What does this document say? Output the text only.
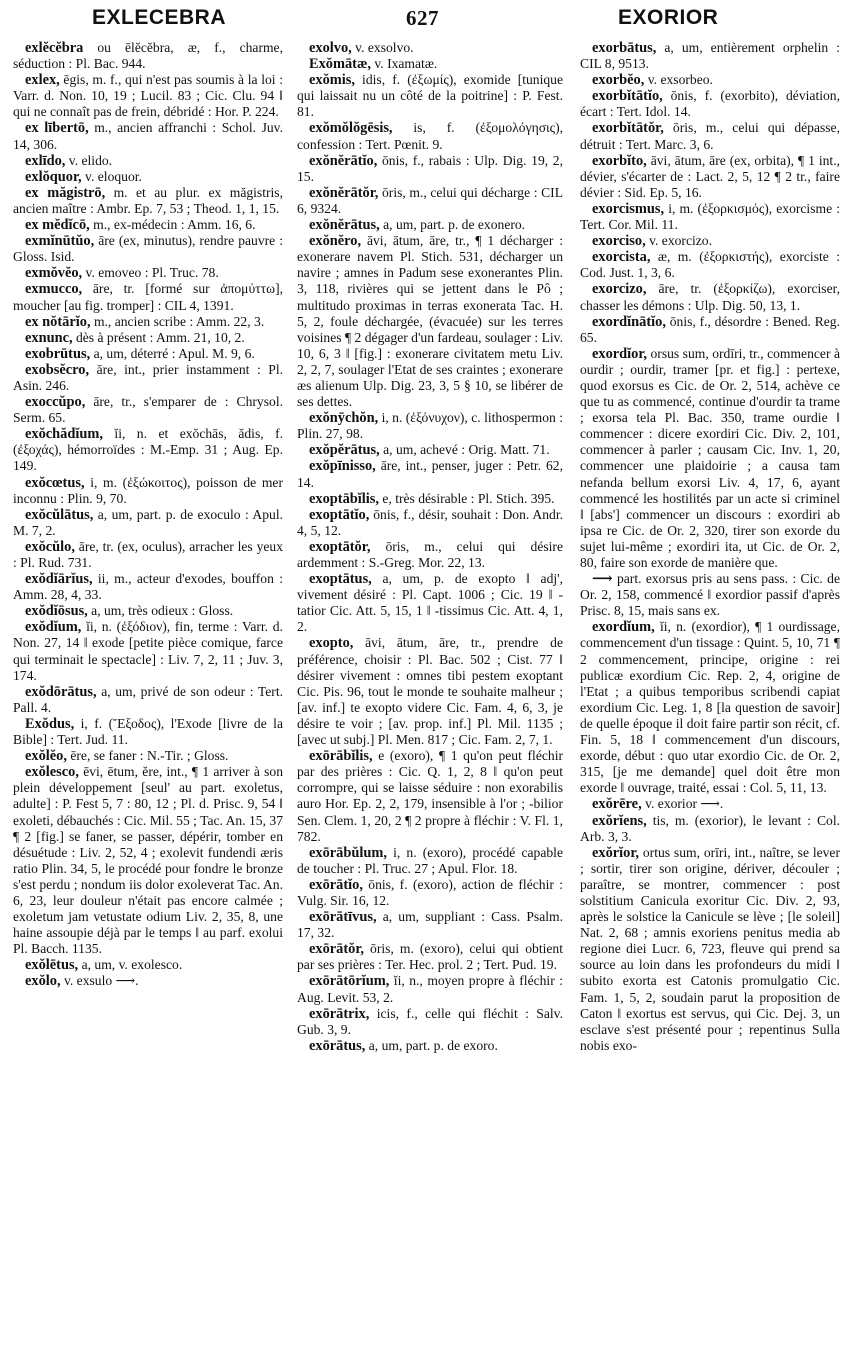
EXLECEBRA	627	EXORIOR

exlĕcĕbra ou ēlĕcĕbra, æ, f., charme, séduction : Pl. Bac. 944.

exlex, ēgis, m. f., qui n'est pas soumis à la loi : Varr. d. Non. 10, 19 ; Lucil. 83 ; Cic. Clu. 94 ‖ qui ne connaît pas de frein, débridé : Hor. P. 224.

ex lībertō, m., ancien affranchi : Schol. Juv. 14, 306.

exlīdo, v. elido.

exlŏquor, v. eloquor.

ex măgistrō, m. et au plur. ex măgistris, ancien maître : Ambr. Ep. 7, 53 ; Theod. 1, 1, 15.

ex mĕdĭcō, m., ex-médecin : Amm. 16, 6.

exmĭnūtŭo, āre (ex, minutus), rendre pauvre : Gloss. Isid.

exmŏvĕo, v. emoveo : Pl. Truc. 78.

exmucco, āre, tr. [formé sur ἀπομύττω], moucher [au fig. tromper] : CIL 4, 1391.

ex nŏtārĭo, m., ancien scribe : Amm. 22, 3.

exnunc, dès à présent : Amm. 21, 10, 2.

exobrūtus, a, um, déterré : Apul. M. 9, 6.

exobsĕcro, āre, int., prier instamment : Pl. Asin. 246.

exoccŭpo, āre, tr., s'emparer de : Chrysol. Serm. 65.

exŏchădĭum, ĭi, n. et exŏchās, ădis, f. (ἐξοχάς), hémorroïdes : M.-Emp. 31 ; Aug. Ep. 149.

exŏcœtus, i, m. (ἐξώκοιτος), poisson de mer inconnu : Plin. 9, 70.

exŏcŭlātus, a, um, part. p. de exoculo : Apul. M. 7, 2.

exŏcŭlo, āre, tr. (ex, oculus), arracher les yeux : Pl. Rud. 731.

exŏdĭārĭus, ii, m., acteur d'exodes, bouffon : Amm. 28, 4, 33.

exŏdĭōsus, a, um, très odieux : Gloss.

exŏdĭum, ĭi, n. (ἐξόδιον), fin, terme : Varr. d. Non. 27, 14 ‖ exode [petite pièce comique, farce qui terminait le spectacle] : Liv. 7, 2, 11 ; Juv. 3, 174.

exŏdōrātus, a, um, privé de son odeur : Tert. Pall. 4.

Exŏdus, i, f. (Ἔξοδος), l'Exode [livre de la Bible] : Tert. Jud. 11.

exŏlĕo, ēre, se faner : N.-Tir. ; Gloss.

exŏlesco, ēvi, ētum, ĕre, int., ¶ 1 arriver à son plein développement [seul' au part. exoletus, adulte] : P. Fest 5, 7 : 80, 12 ; Pl. d. Prisc. 9, 54 ‖ exoleti, débauchés : Cic. Mil. 55 ; Tac. An. 15, 37 ¶ 2 [fig.] se faner, se passer, dépérir, tomber en désuétude : Liv. 2, 52, 4 ; exolevit fundendi æris ratio Plin. 34, 5, le procédé pour fondre le bronze s'est perdu ; nondum iis dolor exoleverat Tac. An. 6, 23, leur douleur n'était pas encore calmée ; exoletum jam vetustate odium Liv. 2, 35, 8, une haine assoupie déjà par le temps ‖ au parf. exolui Pl. Bacch. 1135.

exŏlētus, a, um, v. exolesco.

exŏlo, v. exsulo ⟶.

exolvo, v. exsolvo.

Exŏmātæ, v. Ixamatæ.

exŏmis, idis, f. (ἐξωμίς), exomide [tunique qui laissait nu un côté de la poitrine] : P. Fest. 81.

exŏmŏlŏgēsis, is, f. (ἐξομολόγησις), confession : Tert. Pœnit. 9.

exŏnĕrātĭo, ōnis, f., rabais : Ulp. Dig. 19, 2, 15.

exŏnĕrātŏr, ōris, m., celui qui décharge : CIL 6, 9324.

exŏnĕrātus, a, um, part. p. de exonero.

exŏnĕro, āvi, ātum, āre, tr., ¶ 1 décharger : exonerare navem Pl. Stich. 531, décharger un navire ; amnes in Padum sese exonerantes Plin. 3, 118, rivières qui se jettent dans le Pô ; multitudo proximas in terras exonerata Tac. H. 5, 2, foule déchargée, (évacuée) sur les terres voisines ¶ 2 dégager d'un fardeau, soulager : Liv. 10, 6, 3 ‖ [fig.] : exonerare civitatem metu Liv. 2, 2, 7, soulager l'Etat de ses craintes ; exonerare æs alienum Ulp. Dig. 23, 3, 5 § 10, se libérer de ses dettes.

exŏnȳchŏn, i, n. (ἐξόνυχον), c. lithospermon : Plin. 27, 98.

exŏpĕrātus, a, um, achevé : Orig. Matt. 71.

exŏpīnisso, āre, int., penser, juger : Petr. 62, 14.

exoptābĭlis, e, très désirable : Pl. Stich. 395.

exoptātĭo, ōnis, f., désir, souhait : Don. Andr. 4, 5, 12.

exoptātŏr, ōris, m., celui qui désire ardemment : S.-Greg. Mor. 22, 13.

exoptātus, a, um, p. de exopto ‖ adj', vivement désiré : Pl. Capt. 1006 ; Cic. 19 ‖ -tatior Cic. Att. 5, 15, 1 ‖ -tissimus Cic. Att. 4, 1, 2.

exopto, āvi, ātum, āre, tr., prendre de préférence, choisir : Pl. Bac. 502 ; Cist. 77 ‖ désirer vivement : omnes tibi pestem exoptant Cic. Pis. 96, tout le monde te souhaite malheur ; [av. inf.] te exopto videre Cic. Fam. 4, 6, 3, je désire te voir ; [av. prop. inf.] Pl. Mil. 1135 ; [avec ut subj.] Pl. Men. 817 ; Cic. Fam. 2, 7, 1.

exōrābĭlis, e (exoro), ¶ 1 qu'on peut fléchir par des prières : Cic. Q. 1, 2, 8 ‖ qu'on peut corrompre, qui se laisse séduire : non exorabilis auro Hor. Ep. 2, 2, 179, insensible à l'or ; -bilior Sen. Clem. 1, 20, 2 ¶ 2 propre à fléchir : V. Fl. 1, 782.

exōrābŭlum, i, n. (exoro), procédé capable de toucher : Pl. Truc. 27 ; Apul. Flor. 18.

exōrātĭo, ōnis, f. (exoro), action de fléchir : Vulg. Sir. 16, 12.

exōrātīvus, a, um, suppliant : Cass. Psalm. 17, 32.

exōrātŏr, ōris, m. (exoro), celui qui obtient par ses prières : Ter. Hec. prol. 2 ; Tert. Pud. 19.

exōrātōrĭum, ĭi, n., moyen propre à fléchir : Aug. Levit. 53, 2.

exōrātrix, icis, f., celle qui fléchit : Salv. Gub. 3, 9.

exōrātus, a, um, part. p. de exoro.

exorbātus, a, um, entièrement orphelin : CIL 8, 9513.

exorbĕo, v. exsorbeo.

exorbĭtātĭo, ōnis, f. (exorbito), déviation, écart : Tert. Idol. 14.

exorbĭtātŏr, ōris, m., celui qui dépasse, détruit : Tert. Marc. 3, 6.

exorbĭto, āvi, ātum, āre (ex, orbita), ¶ 1 int., dévier, s'écarter de : Lact. 2, 5, 12 ¶ 2 tr., faire dévier : Sid. Ep. 5, 16.

exorcismus, i, m. (ἐξορκισμός), exorcisme : Tert. Cor. Mil. 11.

exorciso, v. exorcizo.

exorcista, æ, m. (ἐξορκιστής), exorciste : Cod. Just. 1, 3, 6.

exorcizo, āre, tr. (ἐξορκίζω), exorciser, chasser les démons : Ulp. Dig. 50, 13, 1.

exordĭnātĭo, ōnis, f., désordre : Bened. Reg. 65.

exordĭor, orsus sum, ordīri, tr., commencer à ourdir ; ourdir, tramer [pr. et fig.] : pertexe, quod exorsus es Cic. de Or. 2, 514, achève ce que tu as commencé, continue d'ourdir ta trame ; exorsa tela Pl. Bac. 350, trame ourdie ‖ commencer : dicere exordiri Cic. Div. 2, 101, commencer à parler ; causam Cic. Inv. 1, 20, commencer une plaidoirie ; a causa tam nefanda bellum exorsi Liv. 4, 17, 6, ayant commencé les hostilités par un acte si criminel ‖ [abs'] commencer un discours : exordiri ab ipsa re Cic. de Or. 2, 320, tirer son exorde du sujet lui-même ; exordiri ita, ut Cic. de Or. 2, 80, faire son exorde de manière que.

⟶ part. exorsus pris au sens pass. : Cic. de Or. 2, 158, commencé ‖ exordior passif d'après Prisc. 8, 15, mais sans ex.

exordĭum, ĭi, n. (exordior), ¶ 1 ourdissage, commencement d'un tissage : Quint. 5, 10, 71 ¶ 2 commencement, principe, origine : rei publicæ exordium Cic. Rep. 2, 4, origine de l'Etat ; a quibus temporibus scribendi capiat exordium Cic. Leg. 1, 8 [la question de savoir] de quelle époque il doit faire partir son récit, cf. Fin. 5, 18 ‖ commencement d'un discours, exorde, début : quo utar exordio Cic. de Or. 2, 315, [je me demande] quel doit être mon exorde ‖ ouvrage, traité, essai : Col. 5, 11, 13.

exŏrēre, v. exorior ⟶.

exŏrĭens, tis, m. (exorior), le levant : Col. Arb. 3, 3.

exŏrĭor, ortus sum, orīri, int., naître, se lever ; sortir, tirer son origine, dériver, découler ; paraître, se montrer, commencer : post solstitium Canicula exoritur Cic. Div. 2, 93, après le solstice la Canicule se lève ; [le soleil] Nat. 2, 68 ; amnis exoriens penitus media ab regione diei Lucr. 6, 723, fleuve qui prend sa source au loin dans les profondeurs du midi ‖ subito exorta est Catonis promulgatio Cic. Fam. 1, 5, 2, soudain parut la proposition de Caton ‖ exortus est servus, qui Cic. Dej. 3, un esclave s'est présenté pour ; repentinus Sulla nobis exo-
